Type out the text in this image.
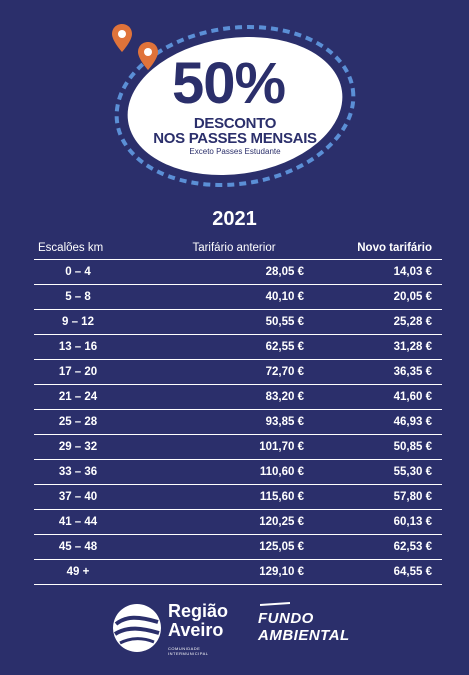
50%
DESCONTO
NOS PASSES MENSAIS
Exceto Passes Estudante
2021
Escalões km	Tarifário anterior	Novo tarifário
0 – 4	28,05 €	14,03 €
5 – 8	40,10 €	20,05 €
9 – 12	50,55 €	25,28 €
13 – 16	62,55 €	31,28 €
17 – 20	72,70 €	36,35 €
21 – 24	83,20 €	41,60 €
25 – 28	93,85 €	46,93 €
29 – 32	101,70 €	50,85 €
33 – 36	110,60 €	55,30 €
37 – 40	115,60 €	57,80 €
41 – 44	120,25 €	60,13 €
45 – 48	125,05 €	62,53 €
49 +	129,10 €	64,55 €
Região
Aveiro
COMUNIDADE INTERMUNICIPAL
FUNDO
AMBIENTAL
